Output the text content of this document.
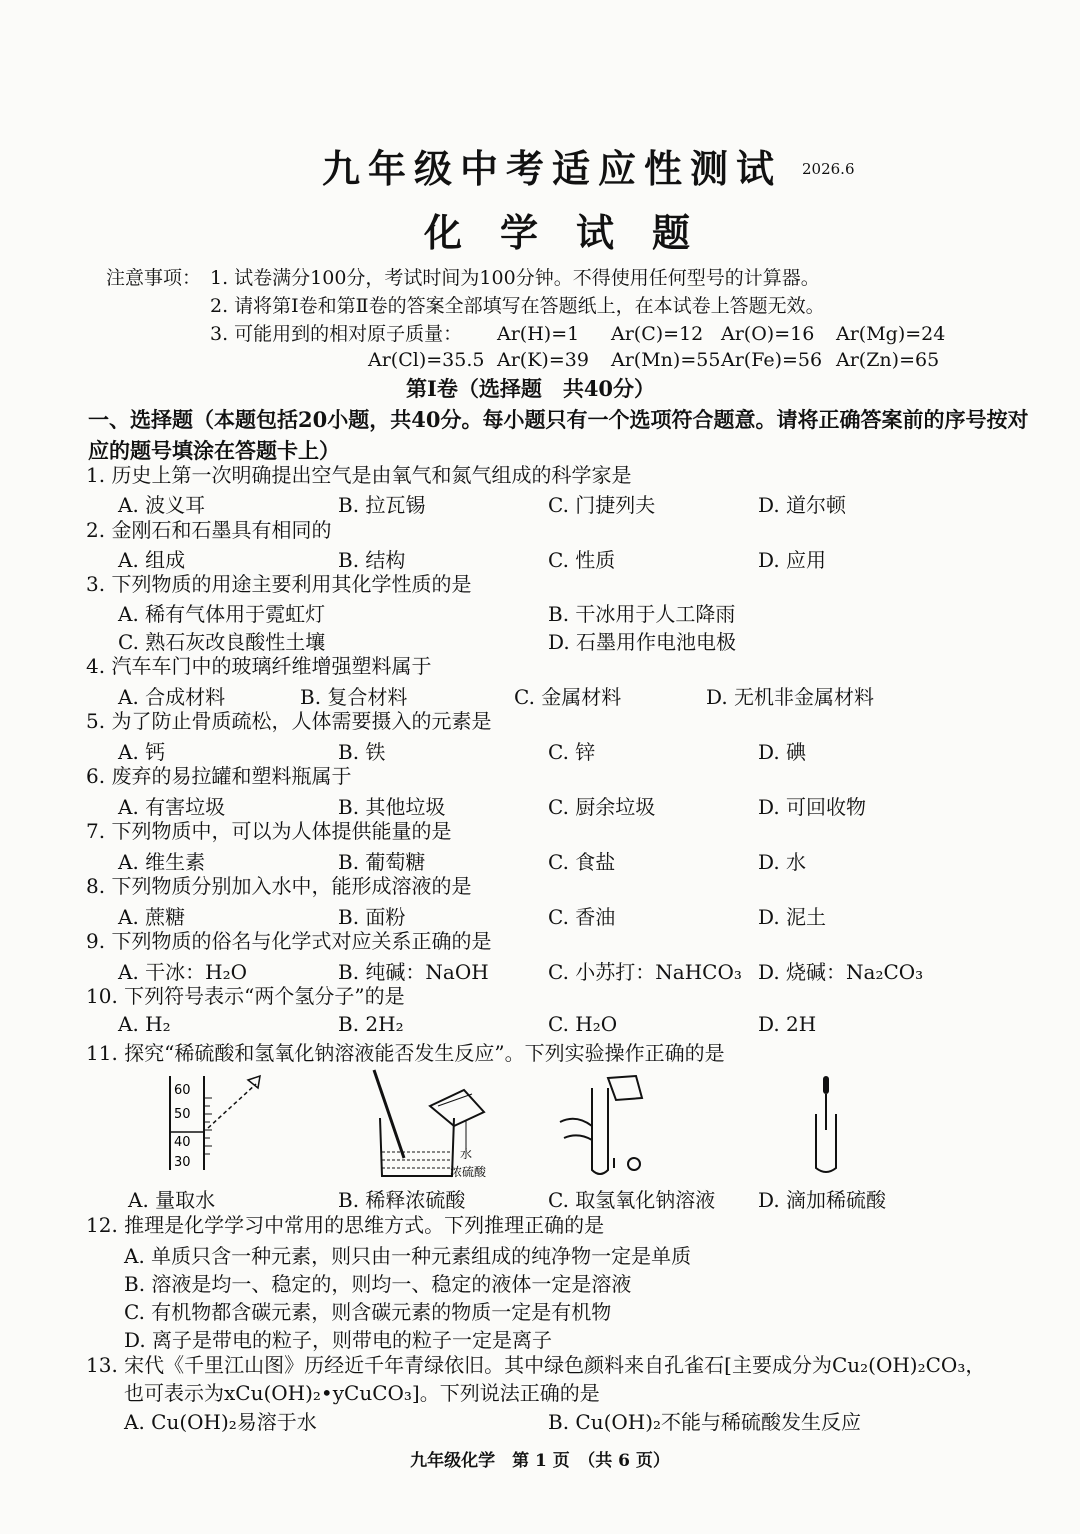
九年级中考适应性测试 2026.6
化学试题
注意事项： 1. 试卷满分100分，考试时间为100分钟。不得使用任何型号的计算器。
2. 请将第Ⅰ卷和第Ⅱ卷的答案全部填写在答题纸上，在本试卷上答题无效。
3. 可能用到的相对原子质量： Ar(H)=1 Ar(C)=12 Ar(O)=16 Ar(Mg)=24
Ar(Cl)=35.5 Ar(K)=39 Ar(Mn)=55 Ar(Fe)=56 Ar(Zn)=65
第Ⅰ卷（选择题　共40分）
一、选择题（本题包括20小题，共40分。每小题只有一个选项符合题意。请将正确答案前的序号按对应的题号填涂在答题卡上）
1. 历史上第一次明确提出空气是由氧气和氮气组成的科学家是
A. 波义耳	B. 拉瓦锡	C. 门捷列夫	D. 道尔顿
2. 金刚石和石墨具有相同的
A. 组成	B. 结构	C. 性质	D. 应用
3. 下列物质的用途主要利用其化学性质的是
A. 稀有气体用于霓虹灯	B. 干冰用于人工降雨
C. 熟石灰改良酸性土壤	D. 石墨用作电池电极
4. 汽车车门中的玻璃纤维增强塑料属于
A. 合成材料	B. 复合材料	C. 金属材料	D. 无机非金属材料
5. 为了防止骨质疏松，人体需要摄入的元素是
A. 钙	B. 铁	C. 锌	D. 碘
6. 废弃的易拉罐和塑料瓶属于
A. 有害垃圾	B. 其他垃圾	C. 厨余垃圾	D. 可回收物
7. 下列物质中，可以为人体提供能量的是
A. 维生素	B. 葡萄糖	C. 食盐	D. 水
8. 下列物质分别加入水中，能形成溶液的是
A. 蔗糖	B. 面粉	C. 香油	D. 泥土
9. 下列物质的俗名与化学式对应关系正确的是
A. 干冰：H₂O	B. 纯碱：NaOH	C. 小苏打：NaHCO₃ D. 烧碱：Na₂CO₃
10. 下列符号表示“两个氢分子”的是
A. H₂	B. 2H₂	C. H₂O	D. 2H
11. 探究“稀硫酸和氢氧化钠溶液能否发生反应”。下列实验操作正确的是
60
50
40
30
水
浓硫酸
A. 量取水	B. 稀释浓硫酸	C. 取氢氧化钠溶液 D. 滴加稀硫酸
12. 推理是化学学习中常用的思维方式。下列推理正确的是
A. 单质只含一种元素，则只由一种元素组成的纯净物一定是单质
B. 溶液是均一、稳定的，则均一、稳定的液体一定是溶液
C. 有机物都含碳元素，则含碳元素的物质一定是有机物
D. 离子是带电的粒子，则带电的粒子一定是离子
13. 宋代《千里江山图》历经近千年青绿依旧。其中绿色颜料来自孔雀石[主要成分为Cu₂(OH)₂CO₃，
也可表示为xCu(OH)₂•yCuCO₃]。下列说法正确的是
A. Cu(OH)₂易溶于水	B. Cu(OH)₂不能与稀硫酸发生反应
九年级化学　第 1 页　（共 6 页）
